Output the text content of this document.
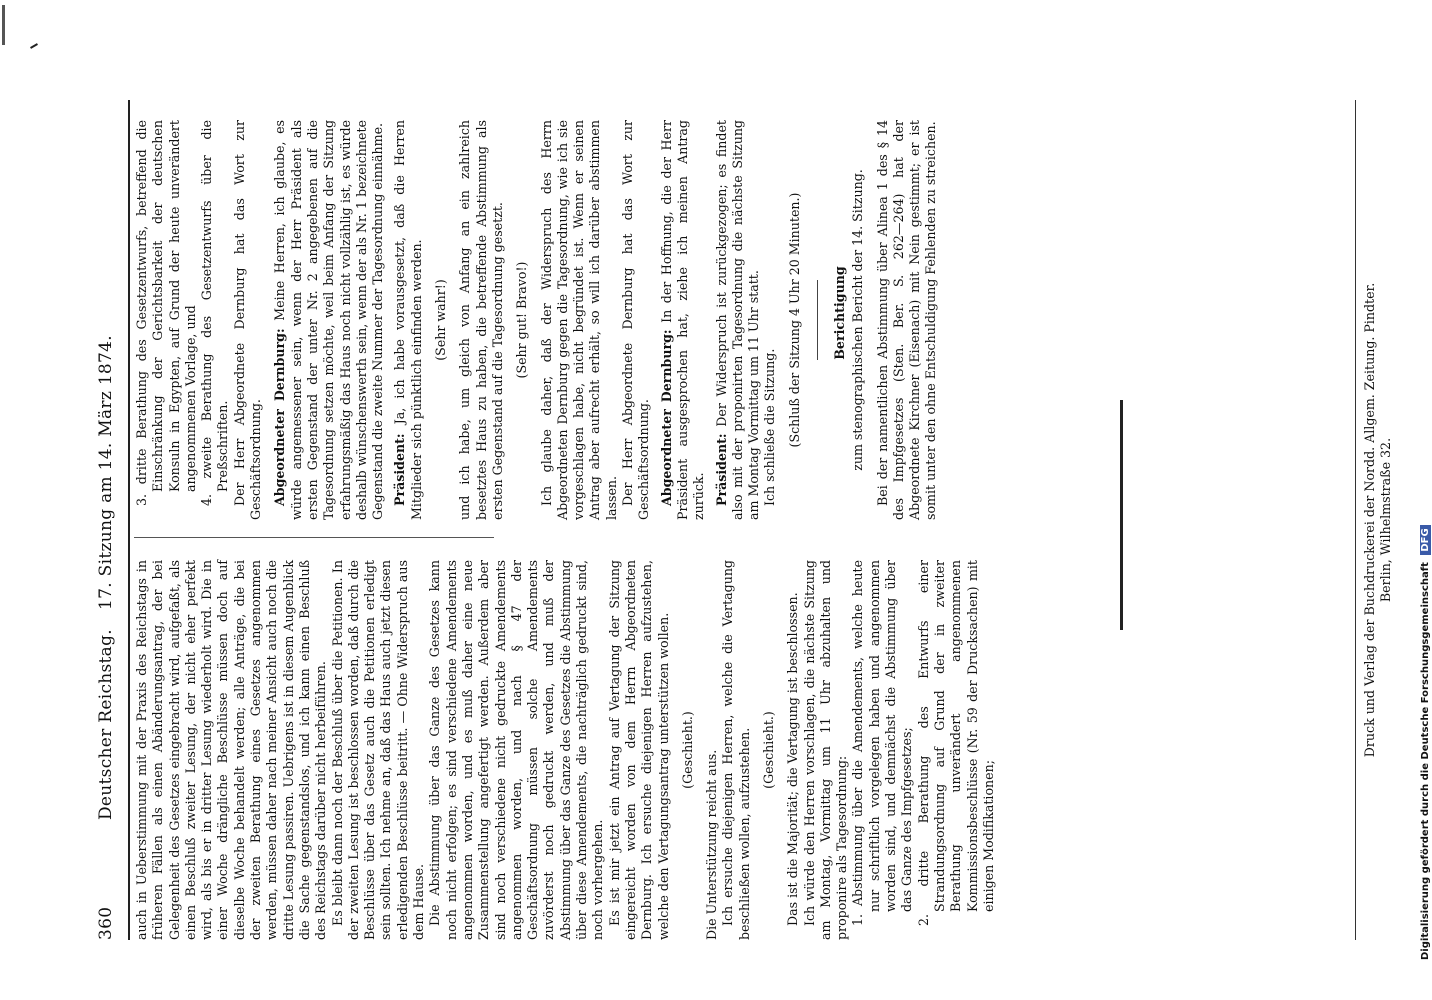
360
Deutscher Reichstag.
17. Sitzung am 14. März 1874.

auch in Ueberstimmung mit der Praxis des Reichstags in früheren Fällen als einen Abänderungsantrag, der bei Gelegenheit des Gesetzes eingebracht wird, aufgefaßt, als einen Beschluß zweiter Lesung, der nicht eher perfekt wird, als bis er in dritter Lesung wiederholt wird. Die in einer Woche drängliche Beschlüsse müssen doch auf dieselbe Woche behandelt werden; alle Anträge, die bei der zweiten Berathung eines Gesetzes angenommen werden, müssen daher nach meiner Ansicht auch noch die dritte Lesung passiren. Uebrigens ist in diesem Augenblick die Sache gegenstandslos, und ich kann einen Beschluß des Reichstags darüber nicht herbeiführen. Es bleibt dann noch der Beschluß über die Petitionen. In der zweiten Lesung ist beschlossen worden, daß durch die Beschlüsse über das Gesetz auch die Petitionen erledigt sein sollten. Ich nehme an, daß das Haus auch jetzt diesen erledigenden Beschlüsse beitritt. — Ohne Widerspruch aus dem Hause. Die Abstimmung über das Ganze des Gesetzes kann noch nicht erfolgen; es sind verschiedene Amendements angenommen worden, und es muß daher eine neue Zusammenstellung angefertigt werden. Außerdem aber sind noch verschiedene nicht gedruckte Amendements angenommen worden, und nach § 47 der Geschäftsordnung müssen solche Amendements zuvörderst noch gedruckt werden, und muß der Abstimmung über das Ganze des Gesetzes die Abstimmung über diese Amendements, die nachträglich gedruckt sind, noch vorhergehen. Es ist mir jetzt ein Antrag auf Vertagung der Sitzung eingereicht worden von dem Herrn Abgeordneten Dernburg. Ich ersuche diejenigen Herren aufzustehen, welche den Vertagungsantrag unterstützen wollen. (Geschieht.) Die Unterstützung reicht aus. Ich ersuche diejenigen Herren, welche die Vertagung beschließen wollen, aufzustehen. (Geschieht.) Das ist die Majorität; die Vertagung ist beschlossen. Ich würde den Herren vorschlagen, die nächste Sitzung am Montag, Vormittag um 11 Uhr abzuhalten und proponire als Tagesordnung: 1. Abstimmung über die Amendements, welche heute nur schriftlich vorgelegen haben und angenommen worden sind, und demnächst die Abstimmung über das Ganze des Impfgesetzes; 2. dritte Berathung des Entwurfs einer Strandungsordnung auf Grund der in zweiter Berathung unverändert angenommenen Kommissionsbeschlüsse (Nr. 59 der Drucksachen) mit einigen Modifikationen;

3. dritte Berathung des Gesetzentwurfs, betreffend die Einschränkung der Gerichtsbarkeit der deutschen Konsuln in Egypten, auf Grund der heute unverändert angenommenen Vorlage, und 4. zweite Berathung des Gesetzentwurfs über die Preßschriften. Der Herr Abgeordnete Dernburg hat das Wort zur Geschäftsordnung. Abgeordneter Dernburg: Meine Herren, ich glaube, es würde angemessener sein, wenn der Herr Präsident als ersten Gegenstand der unter Nr. 2 angegebenen auf die Tagesordnung setzen möchte, weil beim Anfang der Sitzung erfahrungsmäßig das Haus noch nicht vollzählig ist, es würde deshalb wünschenswerth sein, wenn der als Nr. 1 bezeichnete Gegenstand die zweite Nummer der Tagesordnung einnähme. Präsident: Ja, ich habe vorausgesetzt, daß die Herren Mitglieder sich pünktlich einfinden werden. (Sehr wahr!) und ich habe, um gleich von Anfang an ein zahlreich besetztes Haus zu haben, die betreffende Abstimmung als ersten Gegenstand auf die Tagesordnung gesetzt. (Sehr gut! Bravo!) Ich glaube daher, daß der Widerspruch des Herrn Abgeordneten Dernburg gegen die Tagesordnung, wie ich sie vorgeschlagen habe, nicht begründet ist. Wenn er seinen Antrag aber aufrecht erhält, so will ich darüber abstimmen lassen. Der Herr Abgeordnete Dernburg hat das Wort zur Geschäftsordnung. Abgeordneter Dernburg: In der Hoffnung, die der Herr Präsident ausgesprochen hat, ziehe ich meinen Antrag zurück. Präsident: Der Widerspruch ist zurückgezogen; es findet also mit der proponirten Tagesordnung die nächste Sitzung am Montag Vormittag um 11 Uhr statt. Ich schließe die Sitzung. (Schluß der Sitzung 4 Uhr 20 Minuten.) Berichtigung zum stenographischen Bericht der 14. Sitzung. Bei der namentlichen Abstimmung über Alinea 1 des § 14 des Impfgesetzes (Sten. Ber. S. 262—264) hat der Abgeordnete Kirchner (Eisenach) mit Nein gestimmt; er ist somit unter den ohne Entschuldigung Fehlenden zu streichen.	Druck und Verlag der Buchdruckerei der Nordd. Allgem. Zeitung. Pindter. Berlin, Wilhelmstraße 32.
Digitalisierung gefördert durch die Deutsche Forschungsgemeinschaft DFG
